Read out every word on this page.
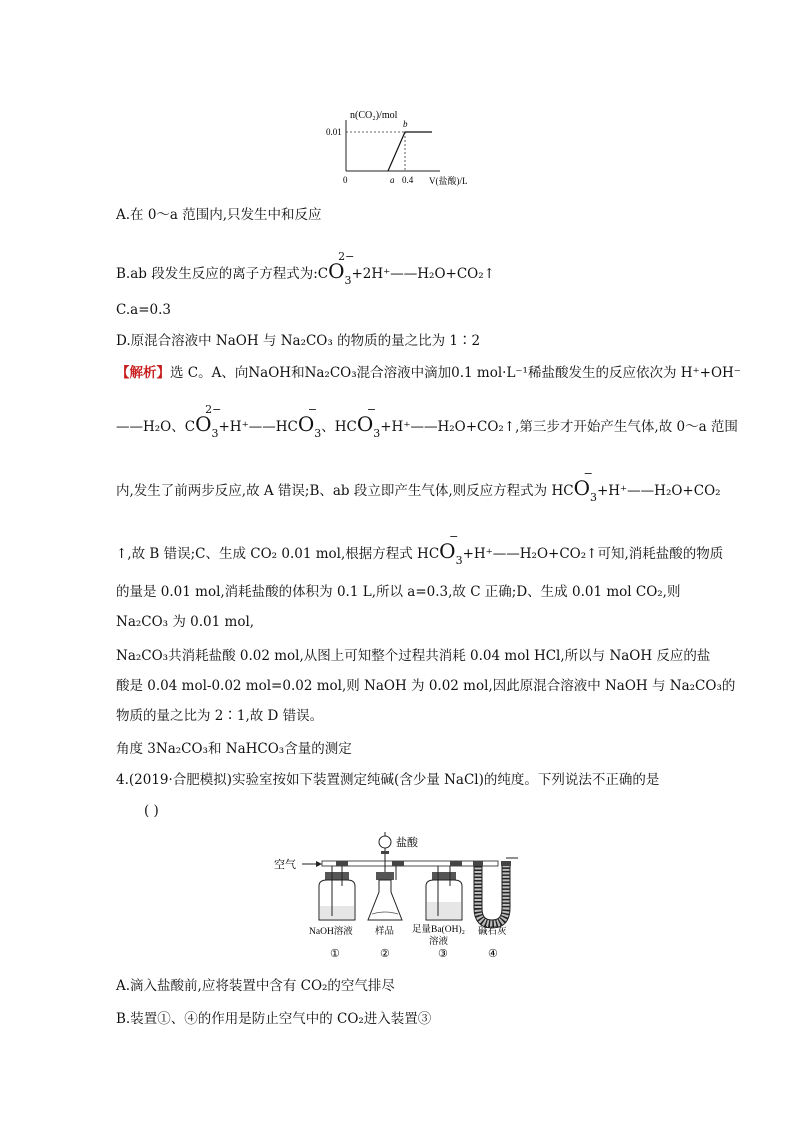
n(CO₂)/mol
0.01
b
0	a 0.4 V(盐酸)/L
A.在 0～a 范围内,只发生中和反应
B.ab 段发生反应的离子方程式为$:CO_3$
2−
+2H⁺——H₂O+CO₂↑
C.a=0.3
D.原混合溶液中 NaOH 与 Na₂CO₃ 的物质的量之比为 1∶2
【解析】选 C。A、向NaOH和Na₂CO₃混合溶液中滴加0.1 mol·L⁻¹稀盐酸发生的反应依次为 H⁺+OH⁻
——H₂O、$CO_3$
2−
$+H^+——HCO_3$
−
、$HCO_3$
−
+H⁺——H₂O+CO₂↑,第三步才开始产生气体,故 0～a 范围
内,发生了前两步反应,故 A 错误;B、ab 段立即产生气体,则反应方程式为 $HCO_3$
−
+H⁺——H₂O+CO₂
↑,故 B 错误;C、生成 CO₂ 0.01 mol,根据方程式 $HCO_3$
−
+H⁺——H₂O+CO₂↑可知,消耗盐酸的物质
的量是 0.01 mol,消耗盐酸的体积为 0.1 L,所以 a=0.3,故 C 正确;D、生成 0.01 mol CO₂,则
Na₂CO₃ 为 0.01 mol,
Na₂CO₃共消耗盐酸 0.02 mol,从图上可知整个过程共消耗 0.04 mol HCl,所以与 NaOH 反应的盐
酸是 0.04 mol-0.02 mol=0.02 mol,则 NaOH 为 0.02 mol,因此原混合溶液中 NaOH 与 Na₂CO₃的
物质的量之比为 2∶1,故 D 错误。
角度 3Na₂CO₃和 NaHCO₃含量的测定
4.(2019·合肥模拟)实验室按如下装置测定纯碱(含少量 NaCl)的纯度。下列说法不正确的是
( )
空气
盐酸
NaOH溶液 样品 足量Ba(OH)₂
溶液
碱石灰
①	②	③	④
A.滴入盐酸前,应将装置中含有 CO₂的空气排尽
B.装置①、④的作用是防止空气中的 CO₂进入装置③
